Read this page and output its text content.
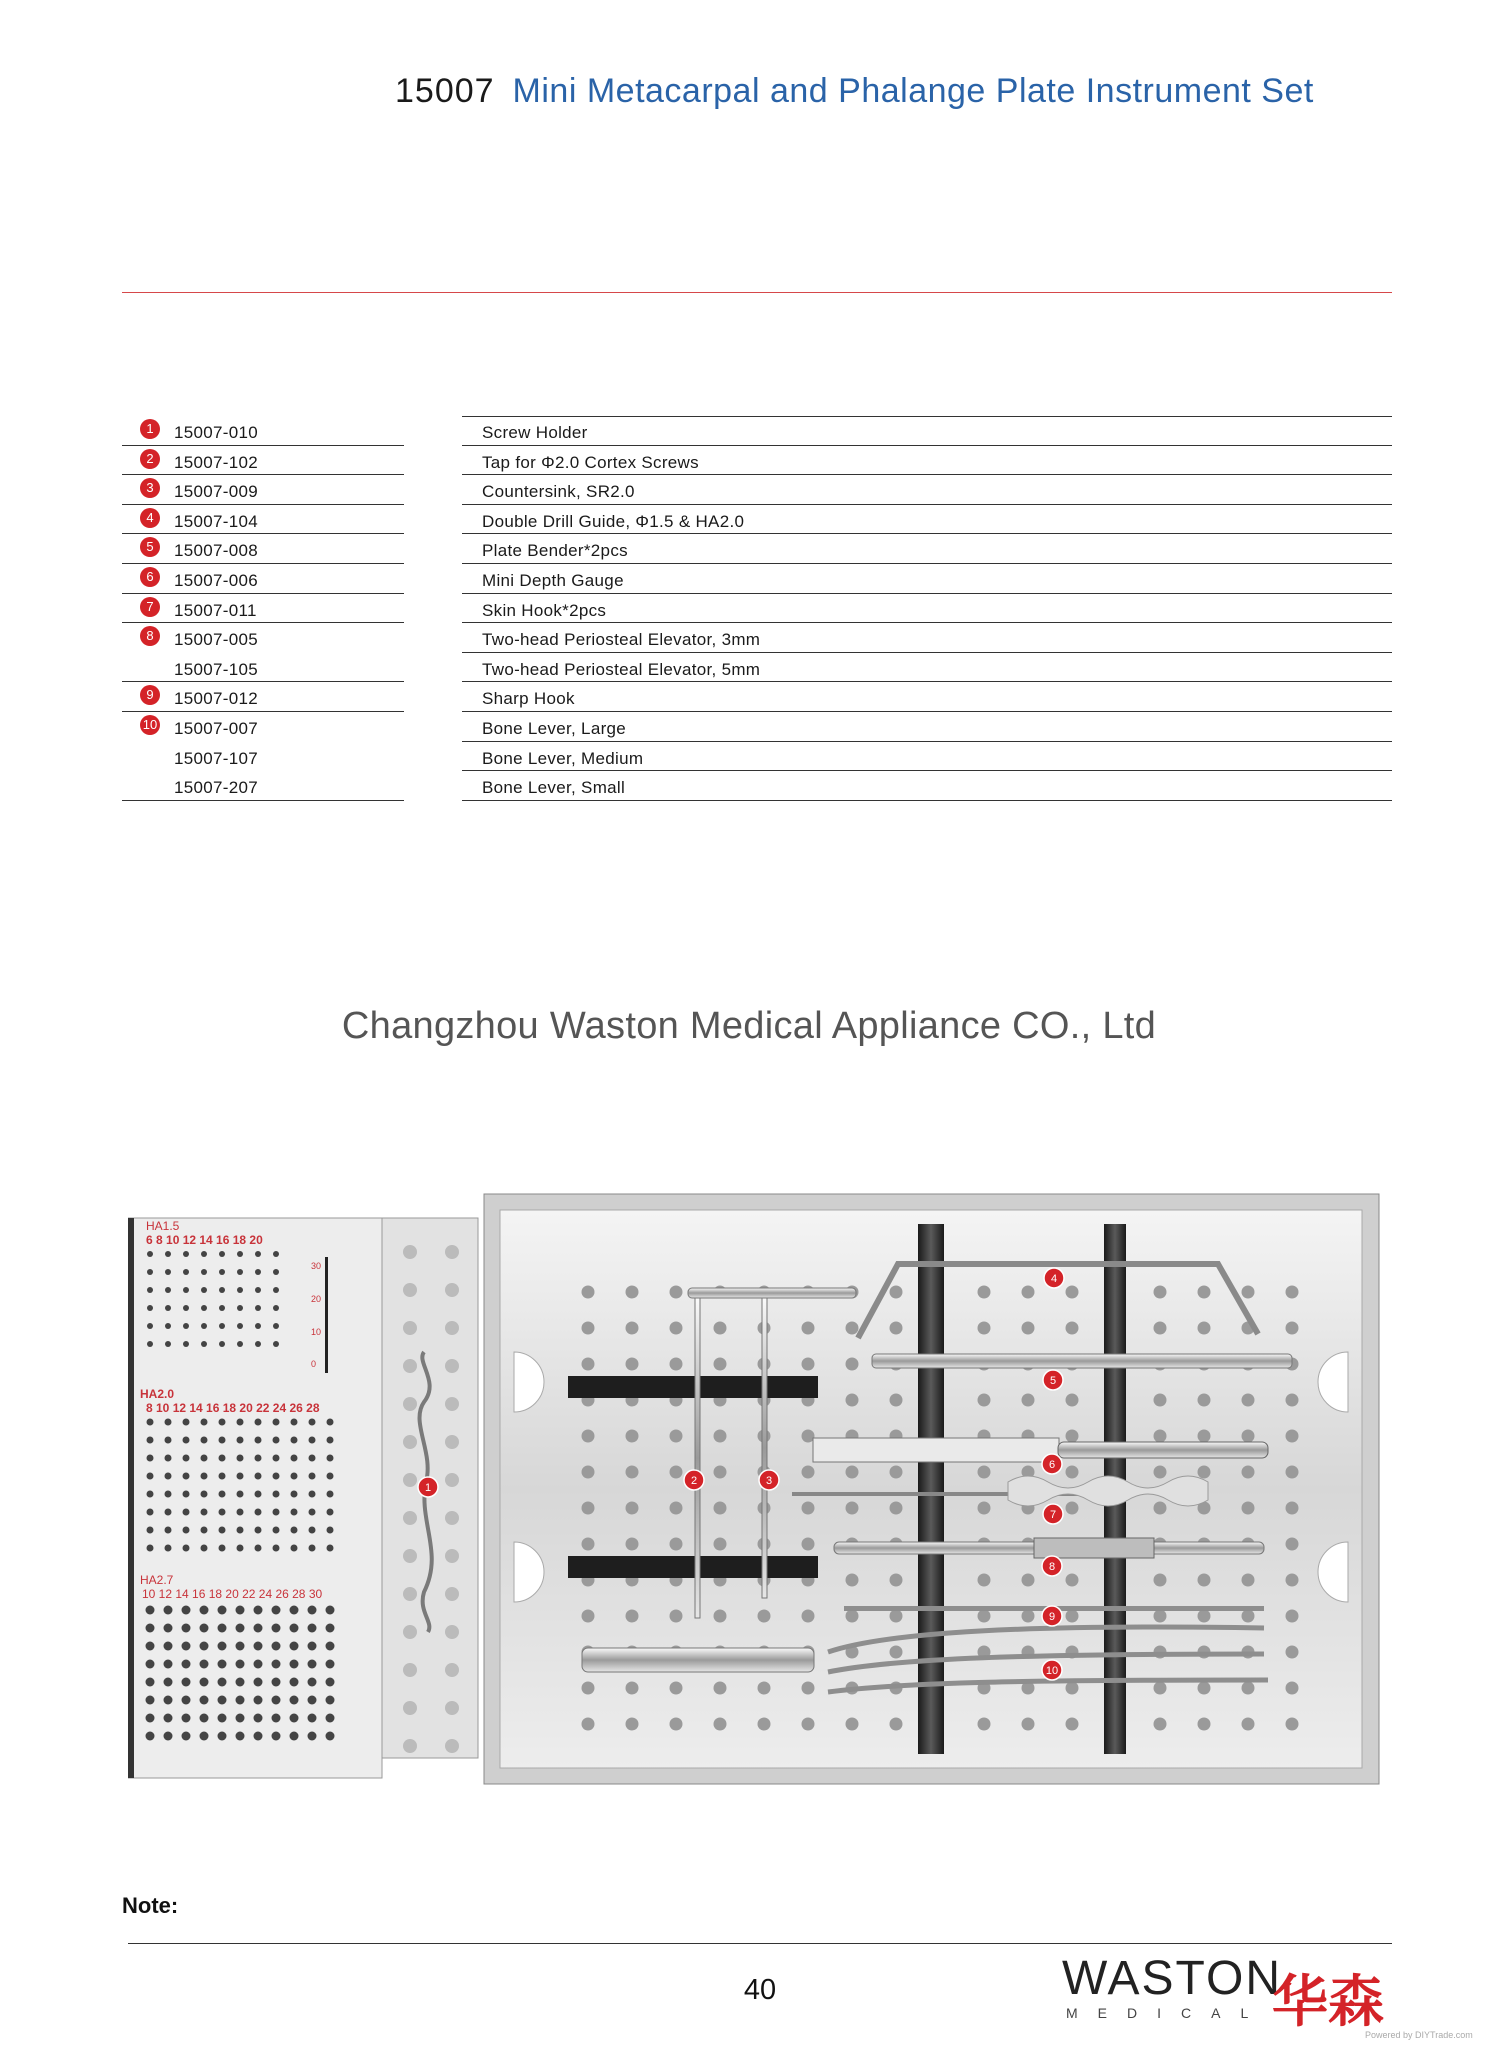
15007 Mini Metacarpal and Phalange Plate Instrument Set
1	15007-010	Screw Holder
2	15007-102	Tap for Φ2.0 Cortex Screws
3	15007-009	Countersink, SR2.0
4	15007-104	Double Drill Guide, Φ1.5 & HA2.0
5	15007-008	Plate Bender*2pcs
6	15007-006	Mini Depth Gauge
7	15007-011	Skin Hook*2pcs
8	15007-005	Two-head Periosteal Elevator, 3mm
15007-105	Two-head Periosteal Elevator, 5mm
9	15007-012	Sharp Hook
10 15007-007	Bone Lever, Large
15007-107	Bone Lever, Medium
15007-207	Bone Lever, Small
Changzhou Waston Medical Appliance CO., Ltd
HA1.5
6 8 10 12 14 16 18 20
HA2.0
8 10 12 14 16 18 20 22 24 26 28
HA2.7
10 12 14 16 18 20 22 24 26 28 30
30
20
10
0
1
2	3
4
5
6
7
8
9
10
Note:
40	WASTON
MEDICAL 华森
Powered by DIYTrade.com
